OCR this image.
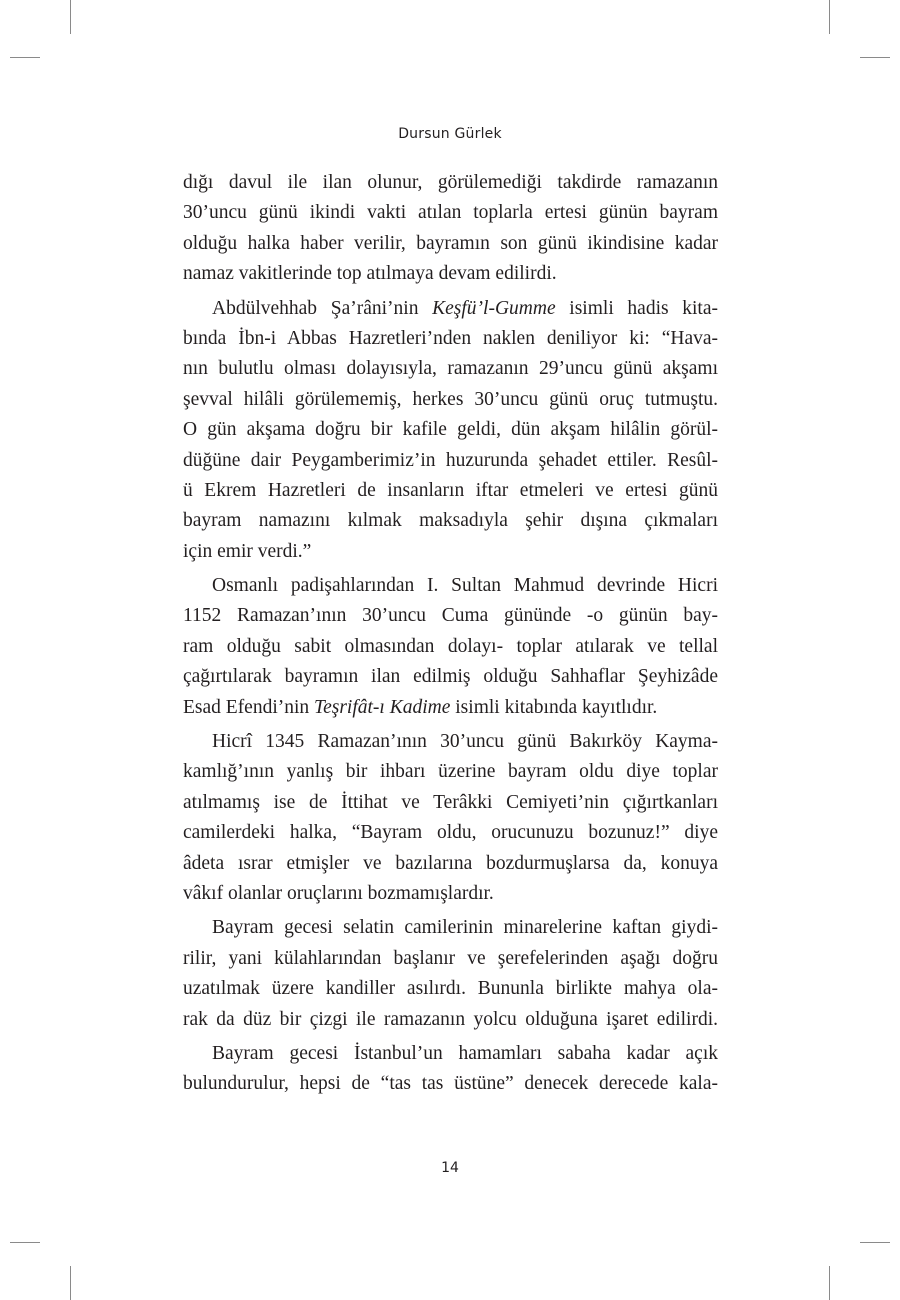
Dursun Gürlek
dığı davul ile ilan olunur, görülemediği takdirde ramazanın
30’uncu günü ikindi vakti atılan toplarla ertesi günün bayram
olduğu halka haber verilir, bayramın son günü ikindisine kadar
namaz vakitlerinde top atılmaya devam edilirdi.
Abdülvehhab Şa’râni’nin Keşfü’l-Gumme isimli hadis kita-
bında İbn-i Abbas Hazretleri’nden naklen deniliyor ki: “Hava-
nın bulutlu olması dolayısıyla, ramazanın 29’uncu günü akşamı
şevval hilâli görülememiş, herkes 30’uncu günü oruç tutmuştu.
O gün akşama doğru bir kafile geldi, dün akşam hilâlin görül-
düğüne dair Peygamberimiz’in huzurunda şehadet ettiler. Resûl-
ü Ekrem Hazretleri de insanların iftar etmeleri ve ertesi günü
bayram namazını kılmak maksadıyla şehir dışına çıkmaları
için emir verdi.”
Osmanlı padişahlarından I. Sultan Mahmud devrinde Hicri
1152 Ramazan’ının 30’uncu Cuma gününde -o günün bay-
ram olduğu sabit olmasından dolayı- toplar atılarak ve tellal
çağırtılarak bayramın ilan edilmiş olduğu Sahhaflar Şeyhizâde
Esad Efendi’nin Teşrifât-ı Kadime isimli kitabında kayıtlıdır.
Hicrî 1345 Ramazan’ının 30’uncu günü Bakırköy Kayma-
kamlığ’ının yanlış bir ihbarı üzerine bayram oldu diye toplar
atılmamış ise de İttihat ve Terâkki Cemiyeti’nin çığırtkanları
camilerdeki halka, “Bayram oldu, orucunuzu bozunuz!” diye
âdeta ısrar etmişler ve bazılarına bozdurmuşlarsa da, konuya
vâkıf olanlar oruçlarını bozmamışlardır.
Bayram gecesi selatin camilerinin minarelerine kaftan giydi-
rilir, yani külahlarından başlanır ve şerefelerinden aşağı doğru
uzatılmak üzere kandiller asılırdı. Bununla birlikte mahya ola-
rak da düz bir çizgi ile ramazanın yolcu olduğuna işaret edilirdi.
Bayram gecesi İstanbul’un hamamları sabaha kadar açık
bulundurulur, hepsi de “tas tas üstüne” denecek derecede kala-
14
